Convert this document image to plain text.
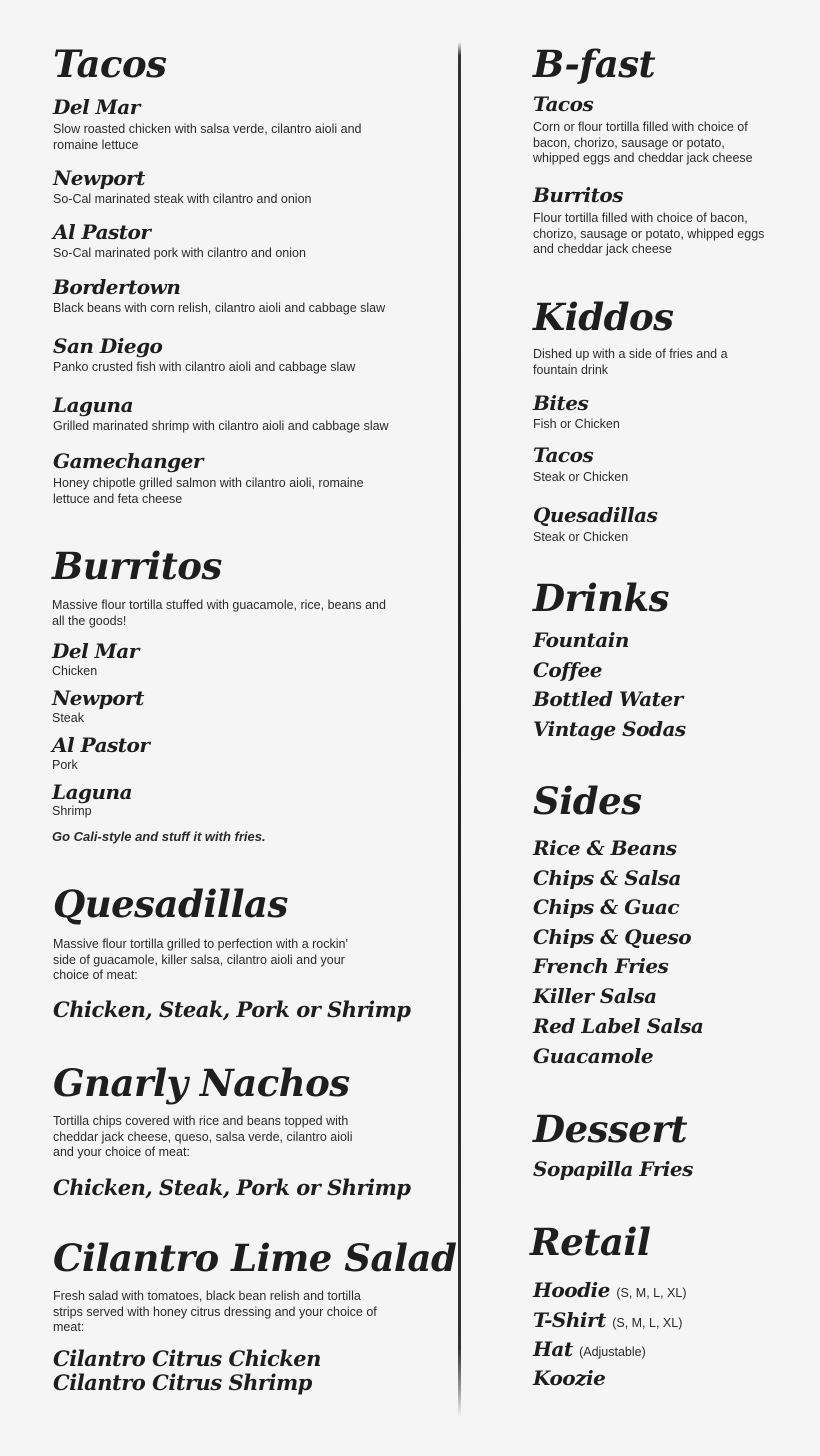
Tacos
Del Mar
Slow roasted chicken with salsa verde, cilantro aioli and romaine lettuce
Newport
So-Cal marinated steak with cilantro and onion
Al Pastor
So-Cal marinated pork with cilantro and onion
Bordertown
Black beans with corn relish, cilantro aioli and cabbage slaw
San Diego
Panko crusted fish with cilantro aioli and cabbage slaw
Laguna
Grilled marinated shrimp with cilantro aioli and cabbage slaw
Gamechanger
Honey chipotle grilled salmon with cilantro aioli, romaine lettuce and feta cheese
Burritos
Massive flour tortilla stuffed with guacamole, rice, beans and all the goods!
Del Mar
Chicken
Newport
Steak
Al Pastor
Pork
Laguna
Shrimp
Go Cali-style and stuff it with fries.
Quesadillas
Massive flour tortilla grilled to perfection with a rockin' side of guacamole, killer salsa, cilantro aioli and your choice of meat:
Chicken, Steak, Pork or Shrimp
Gnarly Nachos
Tortilla chips covered with rice and beans topped with cheddar jack cheese, queso, salsa verde, cilantro aioli and your choice of meat:
Chicken, Steak, Pork or Shrimp
Cilantro Lime Salad
Fresh salad with tomatoes, black bean relish and tortilla strips served with honey citrus dressing and your choice of meat:
Cilantro Citrus Chicken
Cilantro Citrus Shrimp
B-fast
Tacos
Corn or flour tortilla filled with choice of bacon, chorizo, sausage or potato, whipped eggs and cheddar jack cheese
Burritos
Flour tortilla filled with choice of bacon, chorizo, sausage or potato, whipped eggs and cheddar jack cheese
Kiddos
Dished up with a side of fries and a fountain drink
Bites
Fish or Chicken
Tacos
Steak or Chicken
Quesadillas
Steak or Chicken
Drinks
Fountain
Coffee
Bottled Water
Vintage Sodas
Sides
Rice & Beans
Chips & Salsa
Chips & Guac
Chips & Queso
French Fries
Killer Salsa
Red Label Salsa
Guacamole
Dessert
Sopapilla Fries
Retail
Hoodie (S, M, L, XL)
T-Shirt (S, M, L, XL)
Hat (Adjustable)
Koozie
